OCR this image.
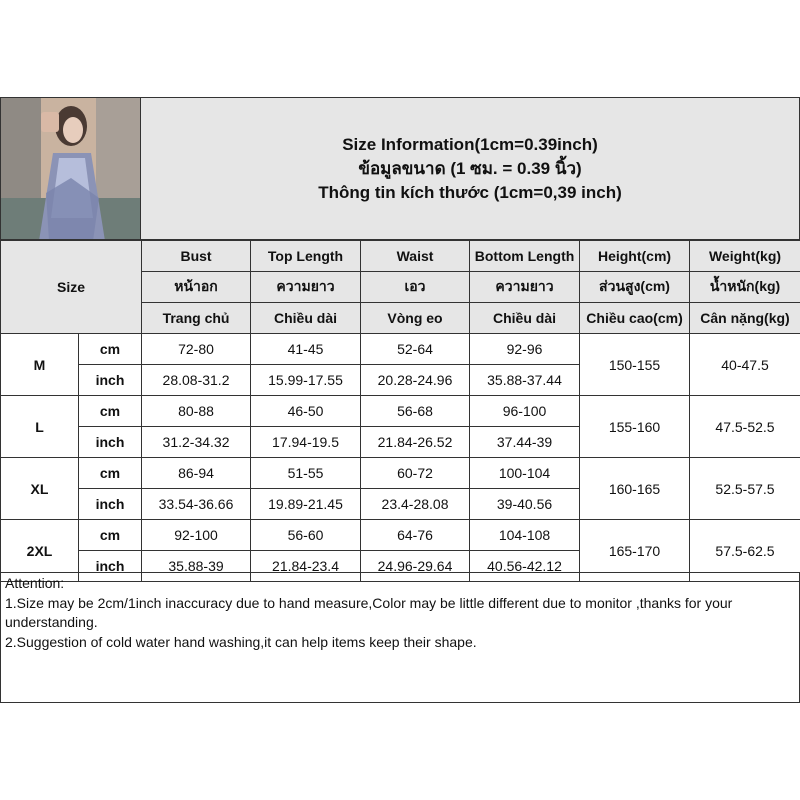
Size Information(1cm=0.39inch)
ข้อมูลขนาด (1 ซม. = 0.39 นิ้ว)
Thông tin kích thước (1cm=0,39 inch)
Size		Bust	Top Length	Waist	Bottom Length	Height(cm)	Weight(kg)
		หน้าอก	ความยาว	เอว	ความยาว	ส่วนสูง(cm)	น้ำหนัก(kg)
		Trang chủ	Chiều dài	Vòng eo	Chiều dài	Chiều cao(cm)	Cân nặng(kg)
M	cm	72-80	41-45	52-64	92-96	150-155	40-47.5
	inch	28.08-31.2	15.99-17.55	20.28-24.96	35.88-37.44		
L	cm	80-88	46-50	56-68	96-100	155-160	47.5-52.5
	inch	31.2-34.32	17.94-19.5	21.84-26.52	37.44-39		
XL	cm	86-94	51-55	60-72	100-104	160-165	52.5-57.5
	inch	33.54-36.66	19.89-21.45	23.4-28.08	39-40.56		
2XL	cm	92-100	56-60	64-76	104-108	165-170	57.5-62.5
	inch	35.88-39	21.84-23.4	24.96-29.64	40.56-42.12		
Attention:
1.Size may be 2cm/1inch inaccuracy due to hand measure,Color may be little different due to monitor ,thanks for your understanding.
2.Suggestion of cold water hand washing,it can help items keep their shape.
